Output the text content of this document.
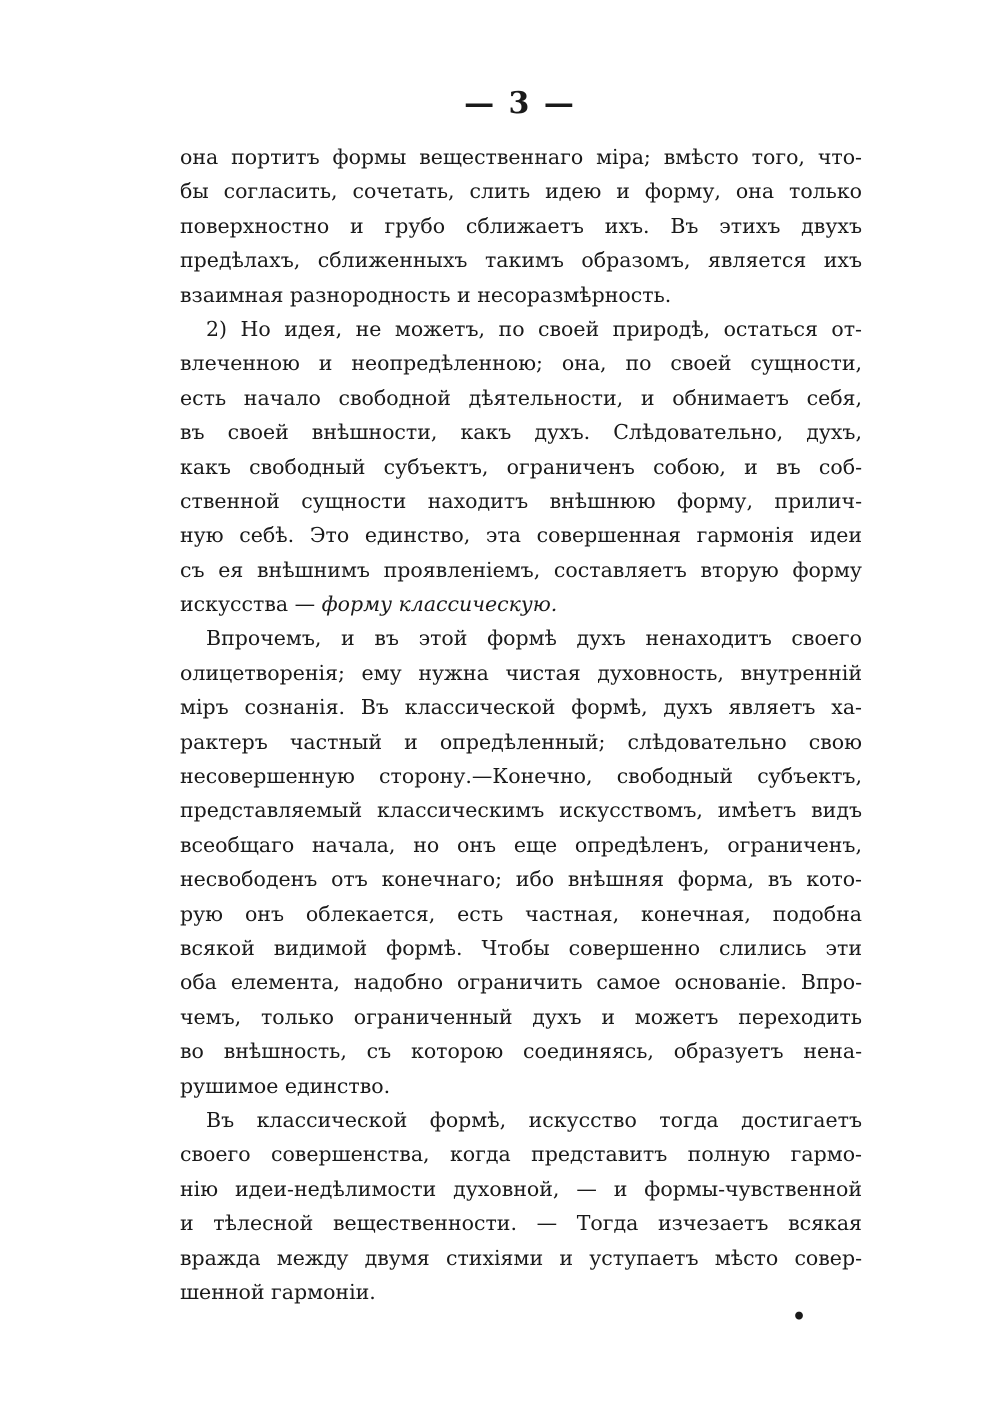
— 3 —
она портитъ формы вещественнаго міра; вмѣсто того, что-
бы согласить, сочетать, слить идею и форму, она только
поверхностно и грубо сближаетъ ихъ. Въ этихъ двухъ
предѣлахъ, сближенныхъ такимъ образомъ, является ихъ
взаимная разнородность и несоразмѣрность.
2) Но идея, не можетъ, по своей природѣ, остаться от-
влеченною и неопредѣленною; она, по своей сущности,
есть начало свободной дѣятельности, и обнимаетъ себя,
въ своей внѣшности, какъ духъ. Слѣдовательно, духъ,
какъ свободный субъектъ, ограниченъ собою, и въ соб-
ственной сущности находитъ внѣшнюю форму, прилич-
ную себѣ. Это единство, эта совершенная гармонія идеи
съ ея внѣшнимъ проявленіемъ, составляетъ вторую форму
искусства — форму классическую.
Впрочемъ, и въ этой формѣ духъ ненаходитъ своего
олицетворенія; ему нужна чистая духовность, внутренній
міръ сознанія. Въ классической формѣ, духъ являетъ ха-
рактеръ частный и опредѣленный; слѣдовательно свою
несовершенную сторону.—Конечно, свободный субъектъ,
представляемый классическимъ искусствомъ, имѣетъ видъ
всеобщаго начала, но онъ еще опредѣленъ, ограниченъ,
несвободенъ отъ конечнаго; ибо внѣшняя форма, въ кото-
рую онъ облекается, есть частная, конечная, подобна
всякой видимой формѣ. Чтобы совершенно слились эти
оба елемента, надобно ограничить самое основаніе. Впро-
чемъ, только ограниченный духъ и можетъ переходить
во внѣшность, съ которою соединяясь, образуетъ нена-
рушимое единство.
Въ классической формѣ, искусство тогда достигаетъ
своего совершенства, когда представитъ полную гармо-
нію идеи-недѣлимости духовной, — и формы-чувственной
и тѣлесной вещественности. — Тогда изчезаетъ всякая
вражда между двумя стихіями и уступаетъ мѣсто совер-
шенной гармоніи.
•
